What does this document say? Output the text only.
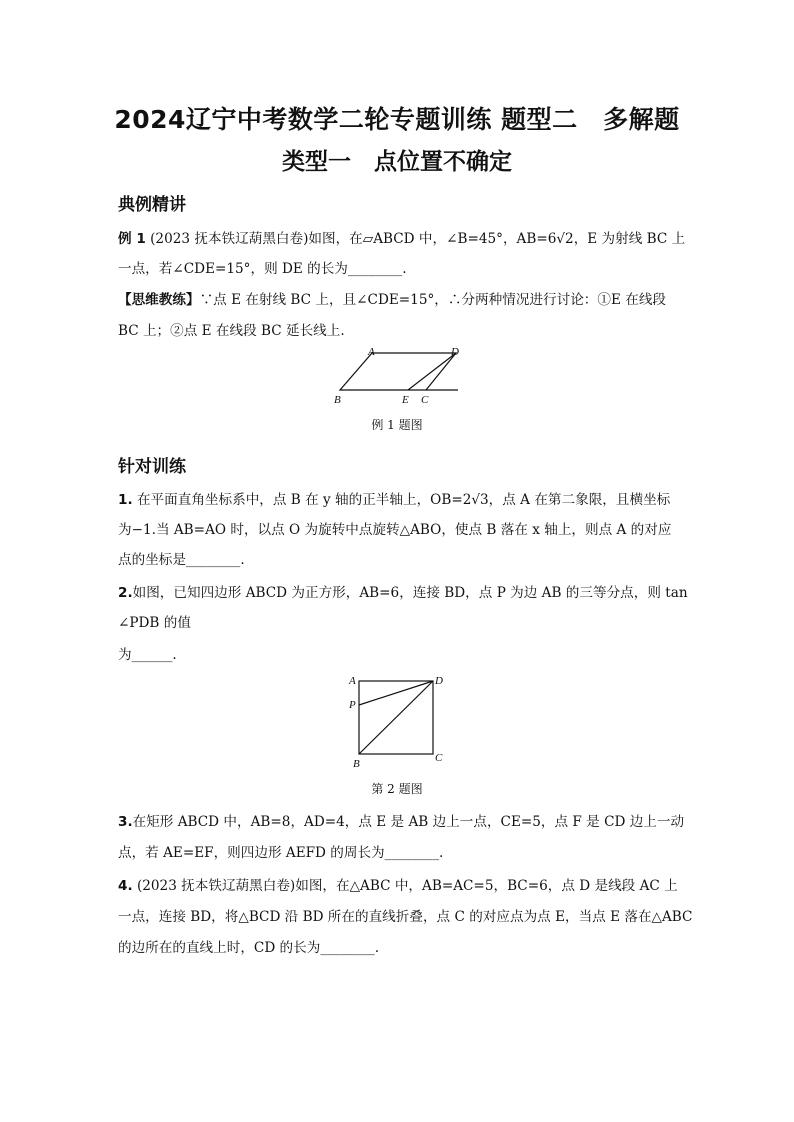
2024辽宁中考数学二轮专题训练 题型二　多解题
类型一　点位置不确定
典例精讲
例 1 (2023 抚本铁辽葫黑白卷)如图，在▱ABCD 中，∠B=45°，AB=6√2，E 为射线 BC 上
一点，若∠CDE=15°，则 DE 的长为________.
【思维教练】∵点 E 在射线 BC 上，且∠CDE=15°，∴分两种情况进行讨论：①E 在线段
BC 上；②点 E 在线段 BC 延长线上.
A	D
B	E C
例 1 题图
针对训练
1. 在平面直角坐标系中，点 B 在 y 轴的正半轴上，OB=2√3，点 A 在第二象限，且横坐标
为−1.当 AB=AO 时，以点 O 为旋转中点旋转△ABO，使点 B 落在 x 轴上，则点 A 的对应
点的坐标是________.
2.如图，已知四边形 ABCD 为正方形，AB=6，连接 BD，点 P 为边 AB 的三等分点，则 tan
∠PDB 的值
为______.
A	D
P
B	C
第 2 题图
3.在矩形 ABCD 中，AB=8，AD=4，点 E 是 AB 边上一点，CE=5，点 F 是 CD 边上一动
点，若 AE=EF，则四边形 AEFD 的周长为________.
4. (2023 抚本铁辽葫黑白卷)如图，在△ABC 中，AB=AC=5，BC=6，点 D 是线段 AC 上
一点，连接 BD，将△BCD 沿 BD 所在的直线折叠，点 C 的对应点为点 E，当点 E 落在△ABC
的边所在的直线上时，CD 的长为________.
